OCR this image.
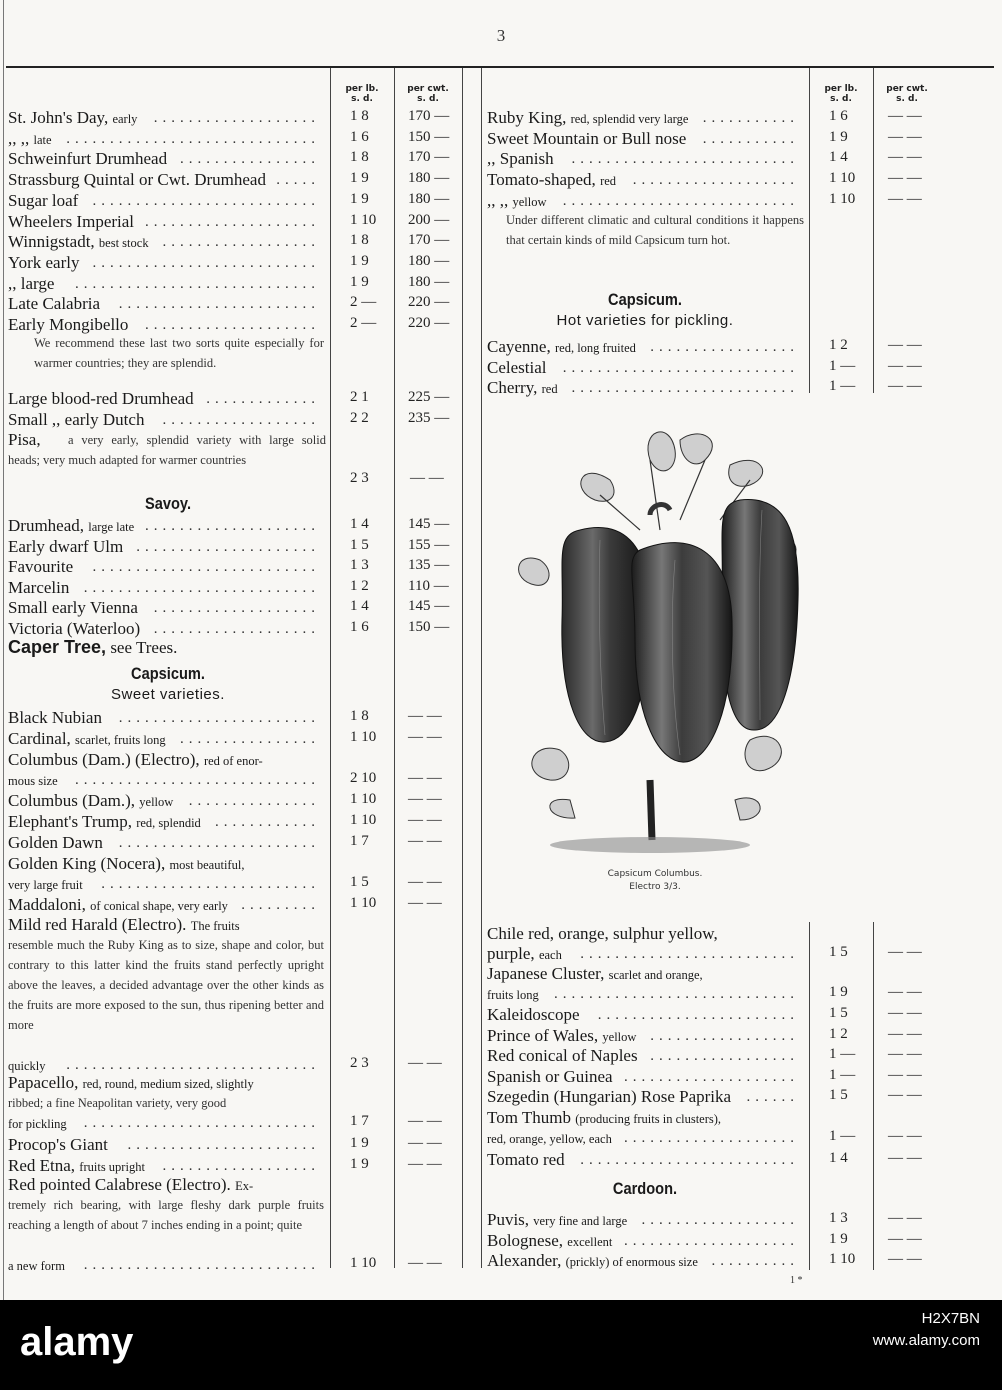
3
per lb.
s. d.
per cwt.
s. d.
per lb.
s. d.
per cwt.
s. d.
We recommend these last two sorts quite especially for warmer countries; they are splendid.
Pisa,	a very early, splendid variety with large solid heads; very much adapted for warmer countries
2 3	— —
Savoy.
Caper Tree, see Trees.
Capsicum.
Sweet varieties.
Capsicum.
Hot varieties for pickling.
Under different climatic and cultural conditions it happens that certain kinds of mild Capsicum turn hot.
Capsicum Columbus.
Electro 3/3.
Cardoon.
1 *
St. John's Day, early	................... 1 8	170 —
,, ,, late ............................. 1 6	150 —
Schweinfurt Drumhead ................ 1 8	170 —
Strassburg Quintal or Cwt. Drumhead ..... 1 9	180 —
Sugar loaf .......................... 1 9	180 —
Wheelers Imperial .................... 1 10 200 —
Winnigstadt, best stock .................. 1 8	170 —
York early .......................... 1 9	180 —
,, large	............................ 1 9	180 —
Late Calabria	....................... 2 — 220 —
Early Mongibello	.................... 2 — 220 —
Large blood-red Drumhead ............. 2 1	225 —
Small ,, early Dutch	.................. 2 2	235 —
Drumhead, large late .................... 1 4	145 —
Early dwarf Ulm ..................... 1 5	155 —
Favourite	.......................... 1 3	135 —
Marcelin ........................... 1 2	110 —
Small early Vienna	................... 1 4	145 —
Victoria (Waterloo) ................... 1 6	150 —
Black Nubian	....................... 1 8	— —
Cardinal, scarlet, fruits long ................ 1 10 — —
Columbus (Dam.) (Electro), red of enor-
mous size	............................ 2 10 — —
Columbus (Dam.), yellow	............... 1 10 — —
Elephant's Trump, red, splendid ............ 1 10 — —
Golden Dawn	....................... 1 7	— —
Golden King (Nocera), most beautiful,
very large fruit	......................... 1 5	— —
Maddaloni, of conical shape, very early ......... 1 10 — —
Mild red Harald (Electro). The fruits
resemble much the Ruby King as to size, shape and color, but contrary to this latter kind the fruits stand perfectly upright above the leaves, a decided advantage over the other kinds as the fruits are more exposed to the sun, thus ripening better and more
quickly	............................. 2 3	— —
Papacello, red, round, medium sized, slightly
ribbed; a fine Neapolitan variety, very good
for pickling	........................... 1 7	— —
Procop's Giant	...................... 1 9	— —
Red Etna, fruits upright	.................. 1 9	— —
Red pointed Calabrese (Electro). Ex-
tremely rich bearing, with large fleshy dark purple fruits reaching a length of about 7 inches ending in a point; quite
a new form	........................... 1 10 — —
Ruby King, red, splendid very large ........... 1 6	— —
Sweet Mountain or Bull nose	........... 1 9	— —
,, Spanish	.......................... 1 4	— —
Tomato-shaped, red	................... 1 10 — —
,, ,, yellow	........................... 1 10 — —
Cayenne, red, long fruited ................. 1 2	— —
Celestial	........................... 1 — — —
Cherry, red .......................... 1 — — —
Chile red, orange, sulphur yellow,
purple, each	......................... 1 5	— —
Japanese Cluster, scarlet and orange,
fruits long	............................ 1 9	— —
Kaleidoscope	....................... 1 5	— —
Prince of Wales, yellow ................. 1 2	— —
Red conical of Naples ................. 1 — — —
Spanish or Guinea .................... 1 — — —
Szegedin (Hungarian) Rose Paprika	...... 1 5	— —
Tom Thumb (producing fruits in clusters),
red, orange, yellow, each .................... 1 — — —
Tomato red	......................... 1 4	— —
Puvis, very fine and large .................. 1 3	— —
Bolognese, excellent .................... 1 9	— —
Alexander, (prickly) of enormous size .......... 1 10 — —
alamy
H2X7BN
www.alamy.com
